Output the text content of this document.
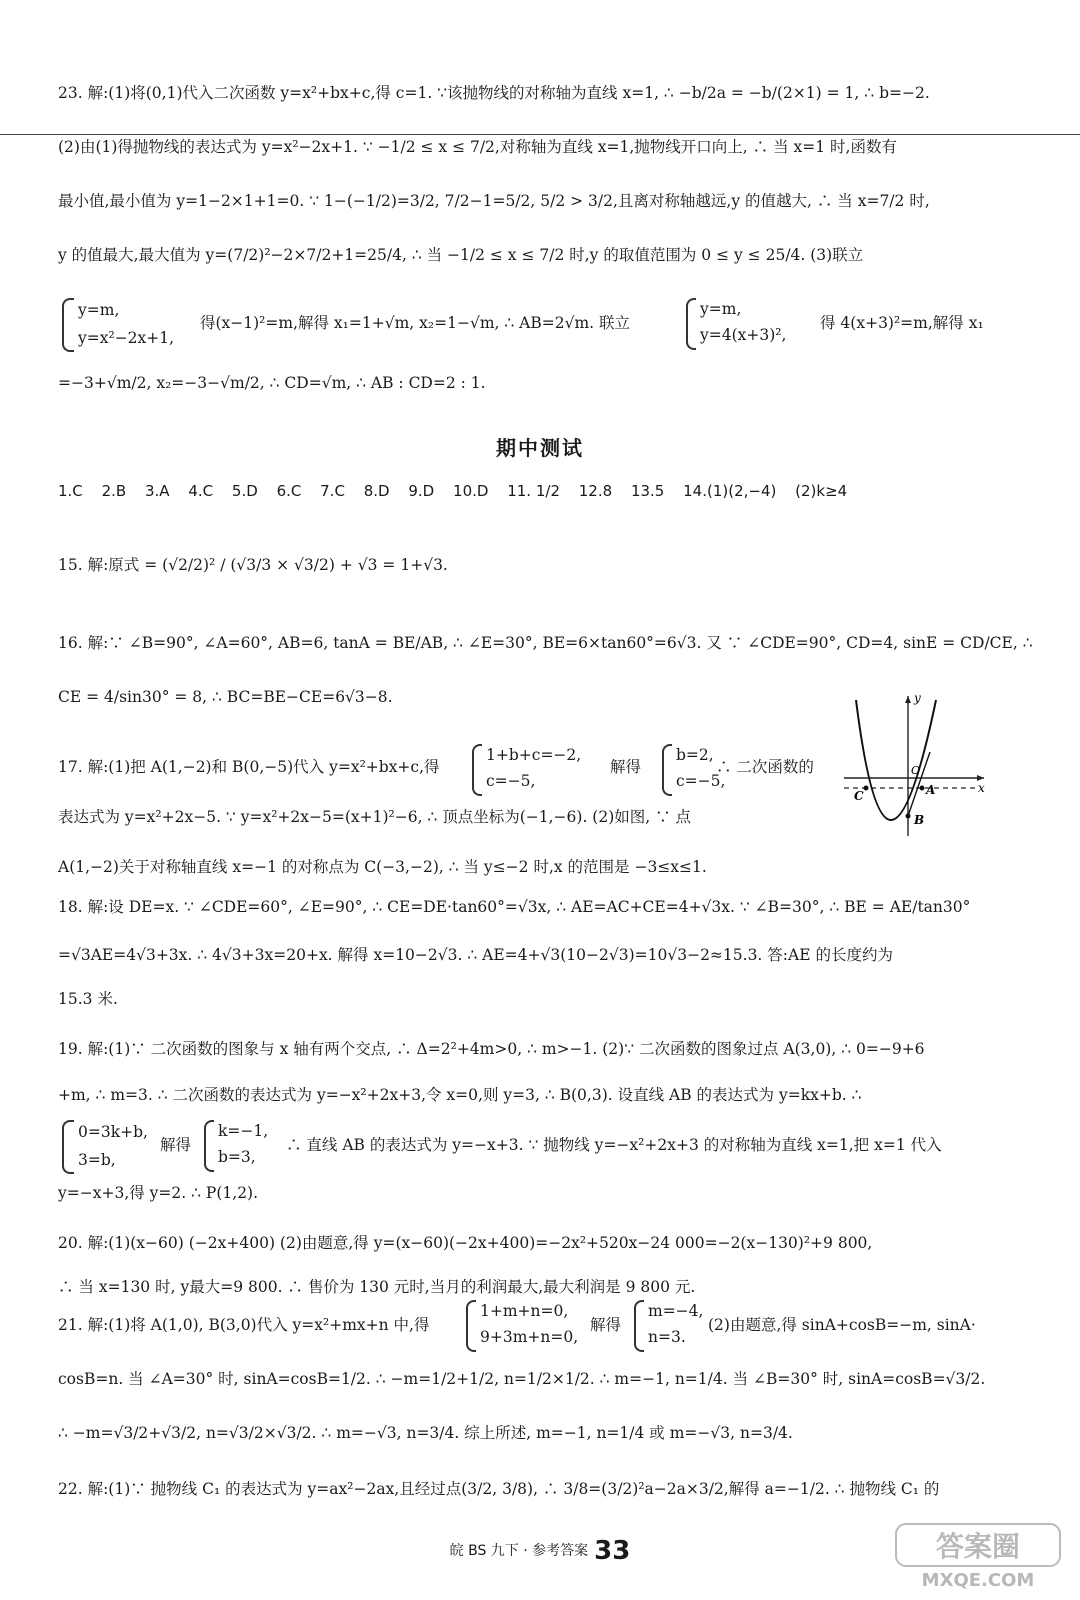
23. 解:(1)将(0,1)代入二次函数 y=x²+bx+c,得 c=1. ∵该抛物线的对称轴为直线 x=1, ∴ −b/2a = −b/(2×1) = 1, ∴ b=−2.
(2)由(1)得抛物线的表达式为 y=x²−2x+1. ∵ −1/2 ≤ x ≤ 7/2,对称轴为直线 x=1,抛物线开口向上, ∴ 当 x=1 时,函数有
最小值,最小值为 y=1−2×1+1=0. ∵ 1−(−1/2)=3/2, 7/2−1=5/2, 5/2 > 3/2,且离对称轴越远,y 的值越大, ∴ 当 x=7/2 时,
y 的值最大,最大值为 y=(7/2)²−2×7/2+1=25/4, ∴ 当 −1/2 ≤ x ≤ 7/2 时,y 的取值范围为 0 ≤ y ≤ 25/4. (3)联立
y=m,
y=x²−2x+1,
得(x−1)²=m,解得 x₁=1+√m, x₂=1−√m, ∴ AB=2√m. 联立
y=m,
y=4(x+3)²,
得 4(x+3)²=m,解得 x₁
=−3+√m/2, x₂=−3−√m/2, ∴ CD=√m, ∴ AB : CD=2 : 1.
期中测试
1.C 2.B 3.A 4.C 5.D 6.C 7.C 8.D 9.D 10.D 11. 1/2 12.8 13.5 14.(1)(2,−4) (2)k≥4
15. 解:原式 = (√2/2)² / (√3/3 × √3/2) + √3 = 1+√3.
16. 解:∵ ∠B=90°, ∠A=60°, AB=6, tanA = BE/AB, ∴ ∠E=30°, BE=6×tan60°=6√3. 又 ∵ ∠CDE=90°, CD=4, sinE = CD/CE, ∴
CE = 4/sin30° = 8, ∴ BC=BE−CE=6√3−8.
17. 解:(1)把 A(1,−2)和 B(0,−5)代入 y=x²+bx+c,得
1+b+c=−2,
c=−5,
解得
b=2,
c=−5,
∴ 二次函数的
表达式为 y=x²+2x−5. ∵ y=x²+2x−5=(x+1)²−6, ∴ 顶点坐标为(−1,−6). (2)如图, ∵ 点
A(1,−2)关于对称轴直线 x=−1 的对称点为 C(−3,−2), ∴ 当 y≤−2 时,x 的范围是 −3≤x≤1.
y
x
O
C	A
B
18. 解:设 DE=x. ∵ ∠CDE=60°, ∠E=90°, ∴ CE=DE·tan60°=√3x, ∴ AE=AC+CE=4+√3x. ∵ ∠B=30°, ∴ BE = AE/tan30°
=√3AE=4√3+3x. ∴ 4√3+3x=20+x. 解得 x=10−2√3. ∴ AE=4+√3(10−2√3)=10√3−2≈15.3. 答:AE 的长度约为
15.3 米.
19. 解:(1)∵ 二次函数的图象与 x 轴有两个交点, ∴ Δ=2²+4m>0, ∴ m>−1. (2)∵ 二次函数的图象过点 A(3,0), ∴ 0=−9+6
+m, ∴ m=3. ∴ 二次函数的表达式为 y=−x²+2x+3,令 x=0,则 y=3, ∴ B(0,3). 设直线 AB 的表达式为 y=kx+b. ∴
0=3k+b,
3=b,
解得
k=−1,
b=3,
∴ 直线 AB 的表达式为 y=−x+3. ∵ 抛物线 y=−x²+2x+3 的对称轴为直线 x=1,把 x=1 代入
y=−x+3,得 y=2. ∴ P(1,2).
20. 解:(1)(x−60) (−2x+400) (2)由题意,得 y=(x−60)(−2x+400)=−2x²+520x−24 000=−2(x−130)²+9 800,
∴ 当 x=130 时, y最大=9 800. ∴ 售价为 130 元时,当月的利润最大,最大利润是 9 800 元.
21. 解:(1)将 A(1,0), B(3,0)代入 y=x²+mx+n 中,得
1+m+n=0,
9+3m+n=0,
解得
m=−4,
n=3.
(2)由题意,得 sinA+cosB=−m, sinA·
cosB=n. 当 ∠A=30° 时, sinA=cosB=1/2. ∴ −m=1/2+1/2, n=1/2×1/2. ∴ m=−1, n=1/4. 当 ∠B=30° 时, sinA=cosB=√3/2.
∴ −m=√3/2+√3/2, n=√3/2×√3/2. ∴ m=−√3, n=3/4. 综上所述, m=−1, n=1/4 或 m=−√3, n=3/4.
22. 解:(1)∵ 抛物线 C₁ 的表达式为 y=ax²−2ax,且经过点(3/2, 3/8), ∴ 3/8=(3/2)²a−2a×3/2,解得 a=−1/2. ∴ 抛物线 C₁ 的
皖 BS 九下 · 参考答案 33	答案圈
MXQE.COM
